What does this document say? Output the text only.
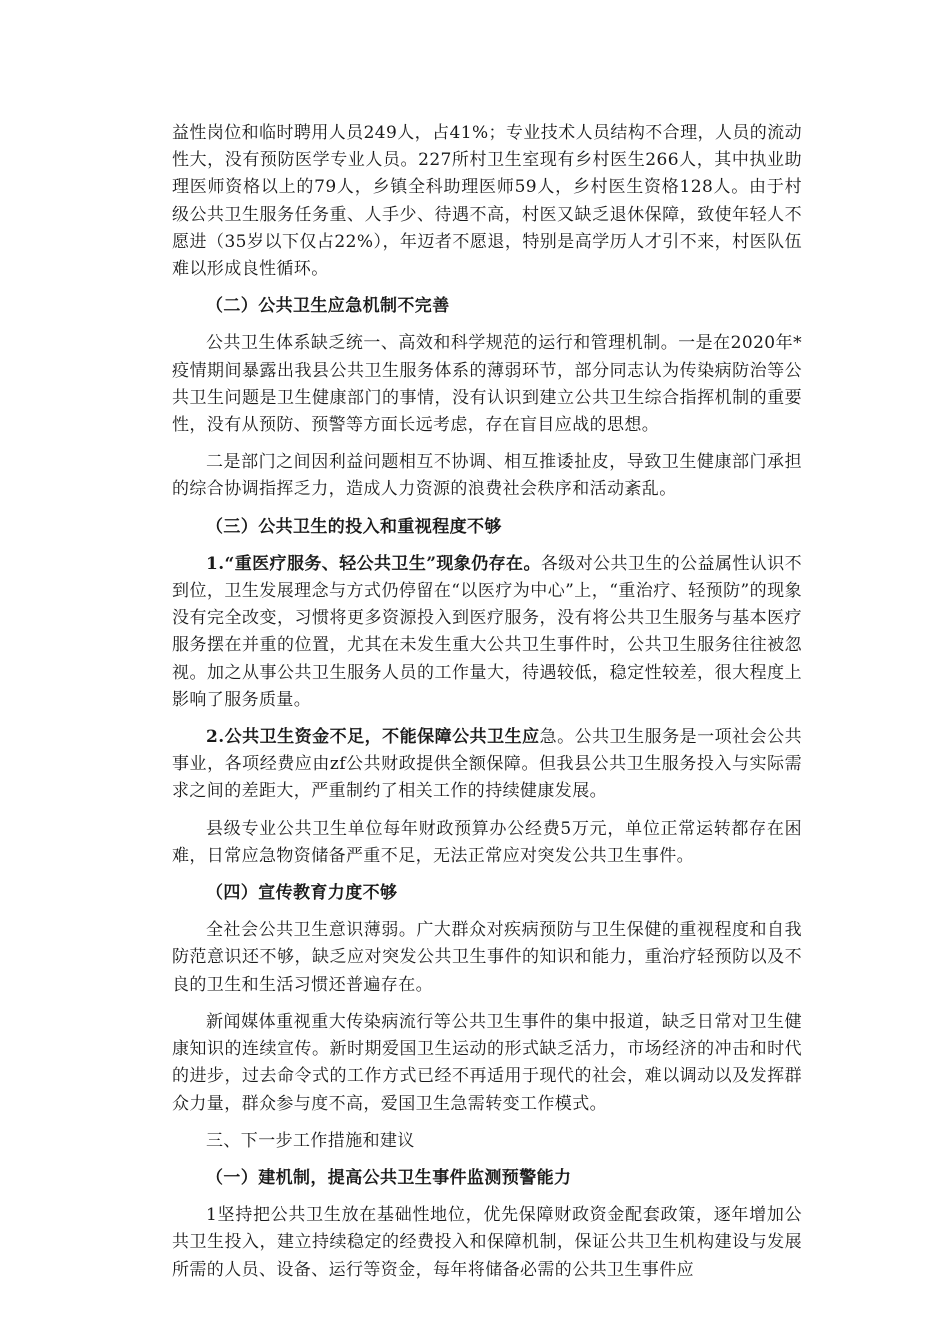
益性岗位和临时聘用人员249人，占41%；专业技术人员结构不合理，人员的流动性大，没有预防医学专业人员。227所村卫生室现有乡村医生266人，其中执业助理医师资格以上的79人，乡镇全科助理医师59人，乡村医生资格128人。由于村级公共卫生服务任务重、人手少、待遇不高，村医又缺乏退休保障，致使年轻人不愿进（35岁以下仅占22%），年迈者不愿退，特别是高学历人才引不来，村医队伍难以形成良性循环。

（二）公共卫生应急机制不完善

公共卫生体系缺乏统一、高效和科学规范的运行和管理机制。一是在2020年*疫情期间暴露出我县公共卫生服务体系的薄弱环节，部分同志认为传染病防治等公共卫生问题是卫生健康部门的事情，没有认识到建立公共卫生综合指挥机制的重要性，没有从预防、预警等方面长远考虑，存在盲目应战的思想。

二是部门之间因利益问题相互不协调、相互推诿扯皮，导致卫生健康部门承担的综合协调指挥乏力，造成人力资源的浪费社会秩序和活动紊乱。

（三）公共卫生的投入和重视程度不够

1.“重医疗服务、轻公共卫生”现象仍存在。各级对公共卫生的公益属性认识不到位，卫生发展理念与方式仍停留在“以医疗为中心”上，“重治疗、轻预防”的现象没有完全改变，习惯将更多资源投入到医疗服务，没有将公共卫生服务与基本医疗服务摆在并重的位置，尤其在未发生重大公共卫生事件时，公共卫生服务往往被忽视。加之从事公共卫生服务人员的工作量大，待遇较低，稳定性较差，很大程度上影响了服务质量。

2.公共卫生资金不足，不能保障公共卫生应急。公共卫生服务是一项社会公共事业，各项经费应由zf公共财政提供全额保障。但我县公共卫生服务投入与实际需求之间的差距大，严重制约了相关工作的持续健康发展。

县级专业公共卫生单位每年财政预算办公经费5万元，单位正常运转都存在困难，日常应急物资储备严重不足，无法正常应对突发公共卫生事件。

（四）宣传教育力度不够

全社会公共卫生意识薄弱。广大群众对疾病预防与卫生保健的重视程度和自我防范意识还不够，缺乏应对突发公共卫生事件的知识和能力，重治疗轻预防以及不良的卫生和生活习惯还普遍存在。

新闻媒体重视重大传染病流行等公共卫生事件的集中报道，缺乏日常对卫生健康知识的连续宣传。新时期爱国卫生运动的形式缺乏活力，市场经济的冲击和时代的进步，过去命令式的工作方式已经不再适用于现代的社会，难以调动以及发挥群众力量，群众参与度不高，爱国卫生急需转变工作模式。

三、下一步工作措施和建议

（一）建机制，提高公共卫生事件监测预警能力

1坚持把公共卫生放在基础性地位，优先保障财政资金配套政策，逐年增加公共卫生投入，建立持续稳定的经费投入和保障机制，保证公共卫生机构建设与发展所需的人员、设备、运行等资金，每年将储备必需的公共卫生事件应
